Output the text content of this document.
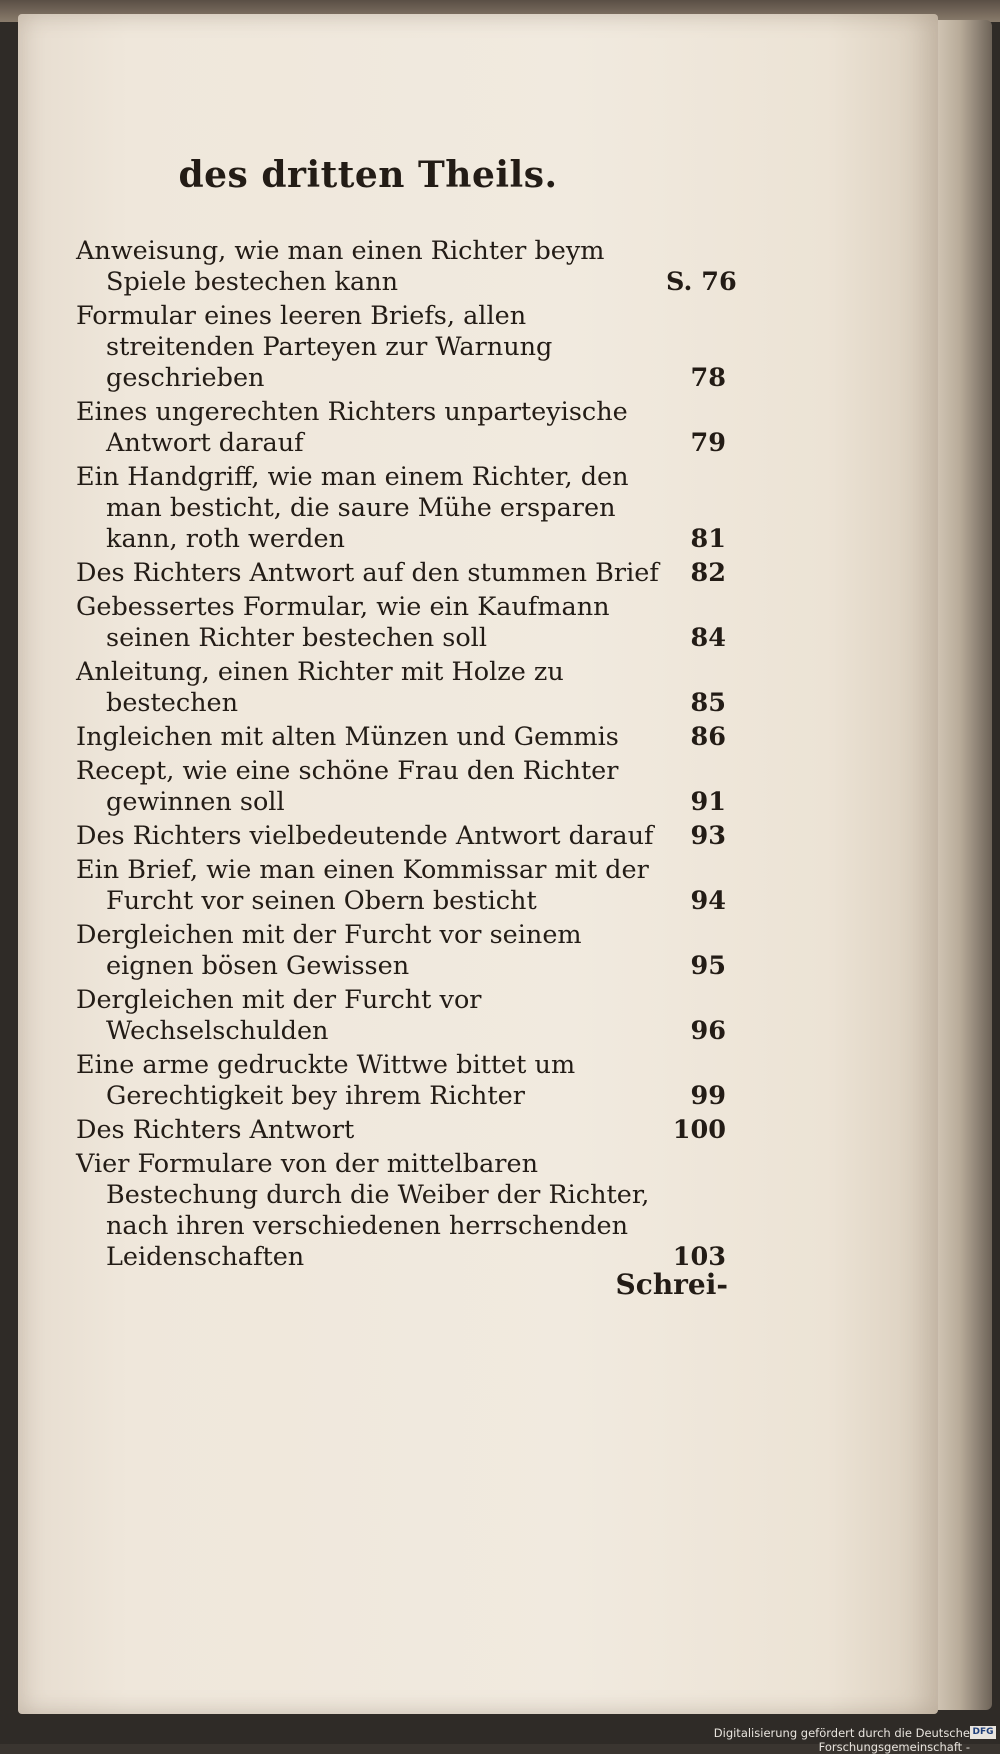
des dritten Theils.
Anweisung, wie man einen Richter beym Spiele bestechen kann	S. 76
Formular eines leeren Briefs, allen streitenden Parteyen zur Warnung geschrieben	78
Eines ungerechten Richters unparteyische Antwort darauf	79
Ein Handgriff, wie man einem Richter, den man besticht, die saure Mühe ersparen kann, roth werden	81
Des Richters Antwort auf den stummen Brief	82
Gebessertes Formular, wie ein Kaufmann seinen Richter bestechen soll	84
Anleitung, einen Richter mit Holze zu bestechen	85
Ingleichen mit alten Münzen und Gemmis	86
Recept, wie eine schöne Frau den Richter gewinnen soll	91
Des Richters vielbedeutende Antwort darauf	93
Ein Brief, wie man einen Kommissar mit der Furcht vor seinen Obern besticht	94
Dergleichen mit der Furcht vor seinem eignen bösen Gewissen	95
Dergleichen mit der Furcht vor Wechselschulden	96
Eine arme gedruckte Wittwe bittet um Gerechtigkeit bey ihrem Richter	99
Des Richters Antwort	100
Vier Formulare von der mittelbaren Bestechung durch die Weiber der Richter, nach ihren verschiedenen herrschenden Leidenschaften	103
Schrei-
Digitalisierung gefördert durch die Deutsche Forschungsgemeinschaft -
DFG
